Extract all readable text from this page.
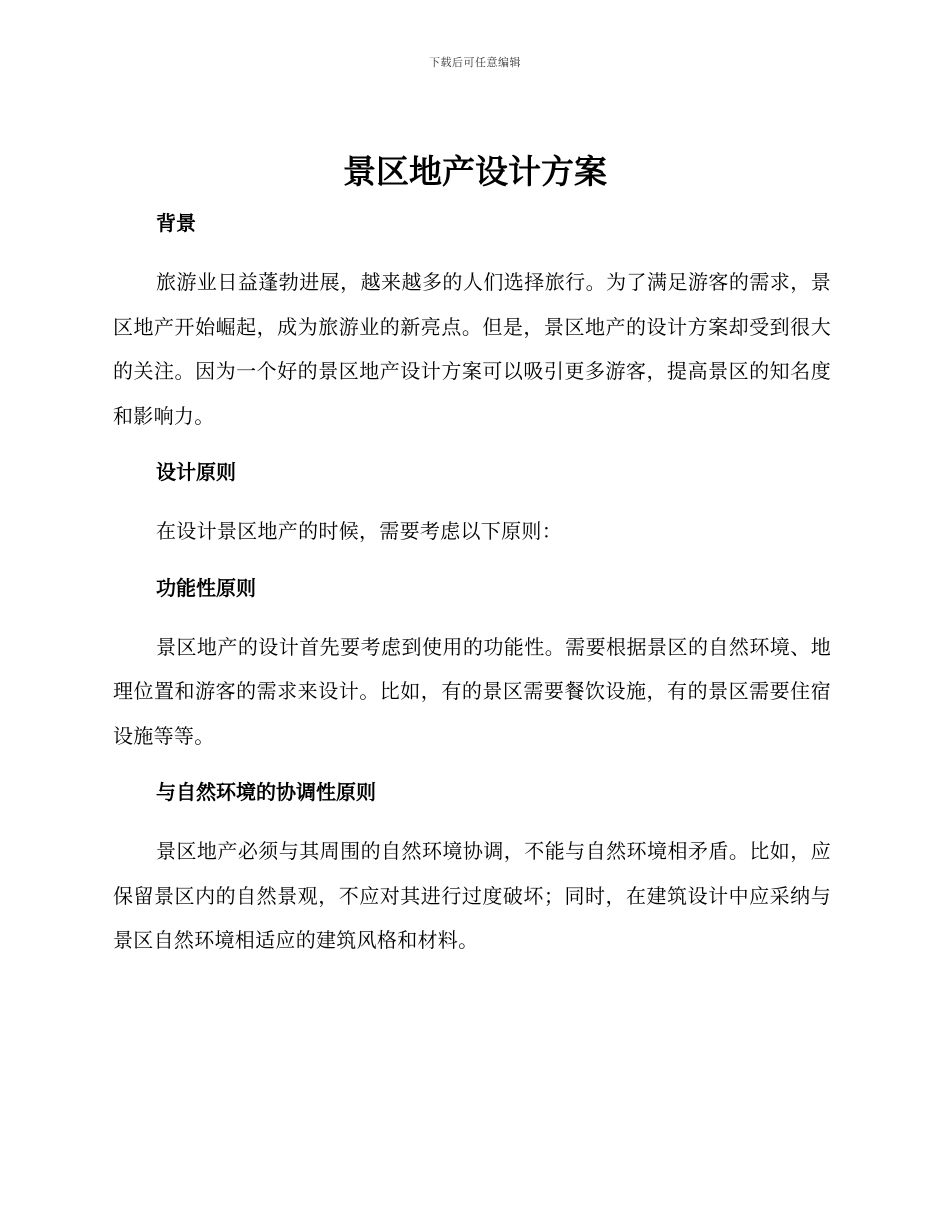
下载后可任意编辑
景区地产设计方案
背景

旅游业日益蓬勃进展，越来越多的人们选择旅行。为了满足游客的需求，景区地产开始崛起，成为旅游业的新亮点。但是，景区地产的设计方案却受到很大的关注。因为一个好的景区地产设计方案可以吸引更多游客，提高景区的知名度和影响力。

设计原则

在设计景区地产的时候，需要考虑以下原则：

功能性原则

景区地产的设计首先要考虑到使用的功能性。需要根据景区的自然环境、地理位置和游客的需求来设计。比如，有的景区需要餐饮设施，有的景区需要住宿设施等等。

与自然环境的协调性原则

景区地产必须与其周围的自然环境协调，不能与自然环境相矛盾。比如，应保留景区内的自然景观，不应对其进行过度破坏；同时，在建筑设计中应采纳与景区自然环境相适应的建筑风格和材料。
